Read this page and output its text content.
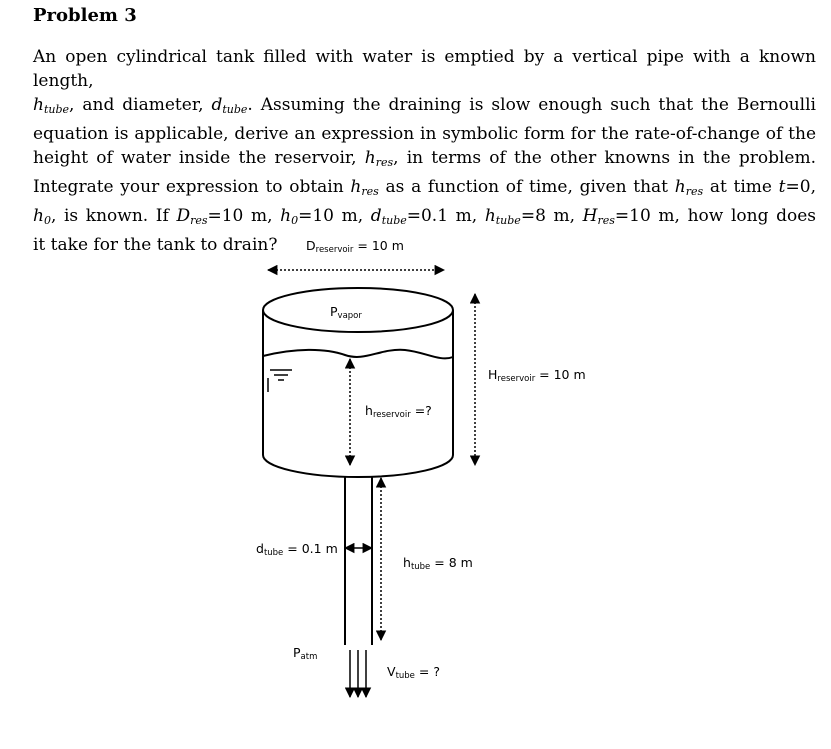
Problem 3
An open cylindrical tank filled with water is emptied by a vertical pipe with a known length,
$h_{tube}$, and diameter, $d_{tube}$. Assuming the draining is slow enough such that the Bernoulli
equation is applicable, derive an expression in symbolic form for the rate-of-change of the
height of water inside the reservoir, $h_{res}$, in terms of the other knowns in the problem.
Integrate your expression to obtain $h_{res}$ as a function of time, given that $h_{res}$ at time t=0,
h0, is known. If $D_{res}=10$ m, h0=10 m, $d_{tube}=0.1$ m, $h_{tube}=8$ m, $H_{res}=10$ m, how long does
it take for the tank to drain?	Dreservoir = 10 m
Pvapor
hreservoir =?
Hreservoir = 10 m
dtube = 0.1 m
htube = 8 m
Patm
Vtube = ?
